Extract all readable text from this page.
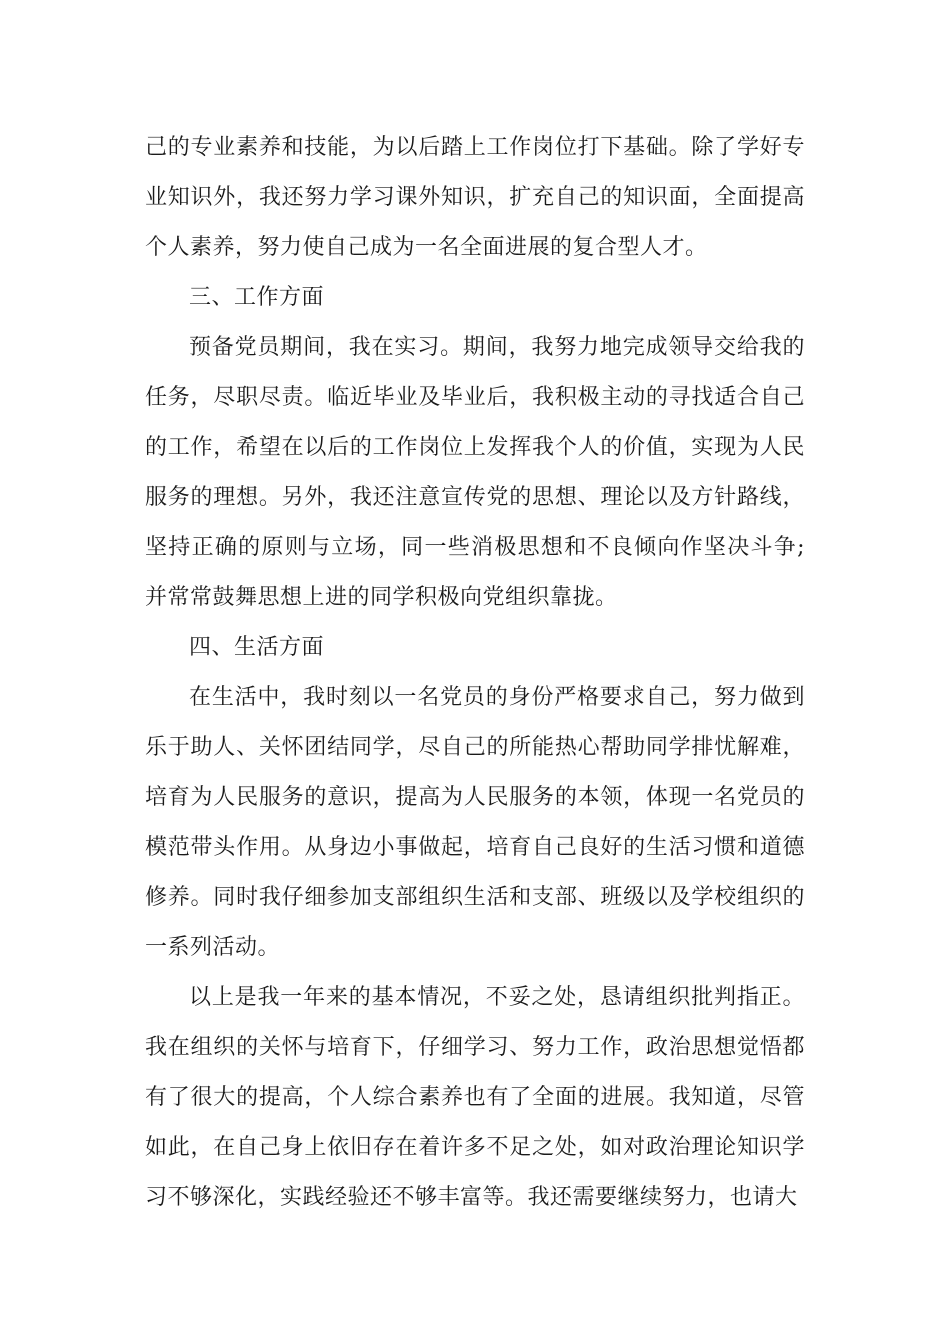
己的专业素养和技能，为以后踏上工作岗位打下基础。除了学好专业知识外，我还努力学习课外知识，扩充自己的知识面，全面提高个人素养，努力使自己成为一名全面进展的复合型人才。

三、工作方面

预备党员期间，我在实习。期间，我努力地完成领导交给我的任务，尽职尽责。临近毕业及毕业后，我积极主动的寻找适合自己的工作，希望在以后的工作岗位上发挥我个人的价值，实现为人民服务的理想。另外，我还注意宣传党的思想、理论以及方针路线，坚持正确的原则与立场，同一些消极思想和不良倾向作坚决斗争;并常常鼓舞思想上进的同学积极向党组织靠拢。

四、生活方面

在生活中，我时刻以一名党员的身份严格要求自己，努力做到乐于助人、关怀团结同学，尽自己的所能热心帮助同学排忧解难，培育为人民服务的意识，提高为人民服务的本领，体现一名党员的模范带头作用。从身边小事做起，培育自己良好的生活习惯和道德修养。同时我仔细参加支部组织生活和支部、班级以及学校组织的一系列活动。

以上是我一年来的基本情况，不妥之处，恳请组织批判指正。我在组织的关怀与培育下，仔细学习、努力工作，政治思想觉悟都有了很大的提高，个人综合素养也有了全面的进展。我知道，尽管如此，在自己身上依旧存在着许多不足之处，如对政治理论知识学习不够深化，实践经验还不够丰富等。我还需要继续努力，也请大
